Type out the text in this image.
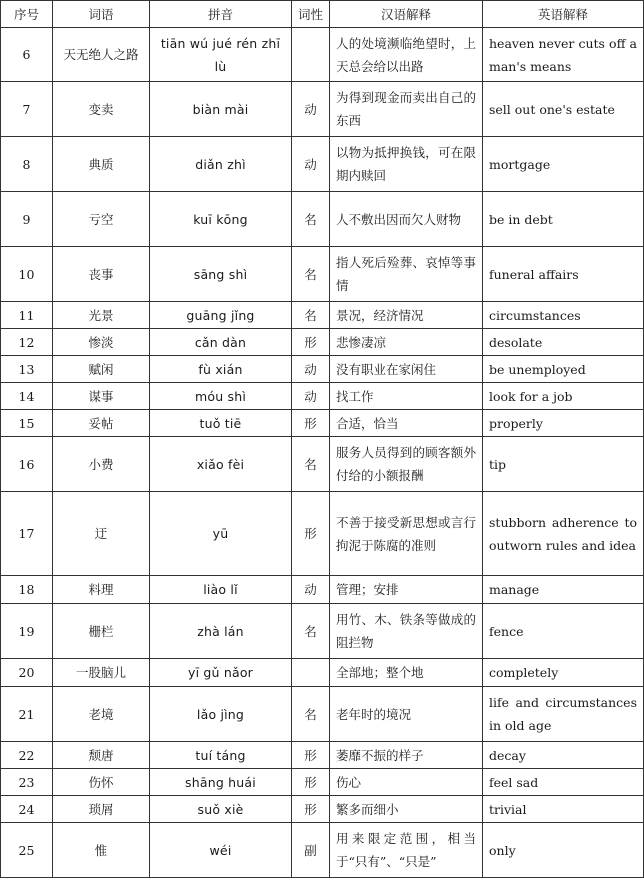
序号	词语	拼音	词性	汉语解释	英语解释
6	天无绝人之路	tiān wú jué rén zhī lù		人的处境濒临绝望时，上天总会给以出路	heaven never cuts off a man's means
7	变卖	biàn mài	动	为得到现金而卖出自己的东西	sell out one's estate
8	典质	diǎn zhì	动	以物为抵押换钱，可在限期内赎回	mortgage
9	亏空	kuī kōng	名	人不敷出因而欠人财物	be in debt
10	丧事	sāng shì	名	指人死后殓葬、哀悼等事情	funeral affairs
11	光景	guāng jǐng	名	景况，经济情况	circumstances
12	惨淡	cǎn dàn	形	悲惨凄凉	desolate
13	赋闲	fù xián	动	没有职业在家闲住	be unemployed
14	谋事	móu shì	动	找工作	look for a job
15	妥帖	tuǒ tiē	形	合适，恰当	properly
16	小费	xiǎo fèi	名	服务人员得到的顾客额外付给的小额报酬	tip
17	迂	yū	形	不善于接受新思想或言行拘泥于陈腐的准则	stubborn adherence to outworn rules and idea
18	料理	liào lǐ	动	管理；安排	manage
19	栅栏	zhà lán	名	用竹、木、铁条等做成的阻拦物	fence
20	一股脑儿	yī gǔ nǎor		全部地；整个地	completely
21	老境	lǎo jìng	名	老年时的境况	life and circumstances in old age
22	颓唐	tuí táng	形	萎靡不振的样子	decay
23	伤怀	shāng huái	形	伤心	feel sad
24	琐屑	suǒ xiè	形	繁多而细小	trivial
25	惟	wéi	副	用来限定范围，相当于“只有”、“只是”	only
